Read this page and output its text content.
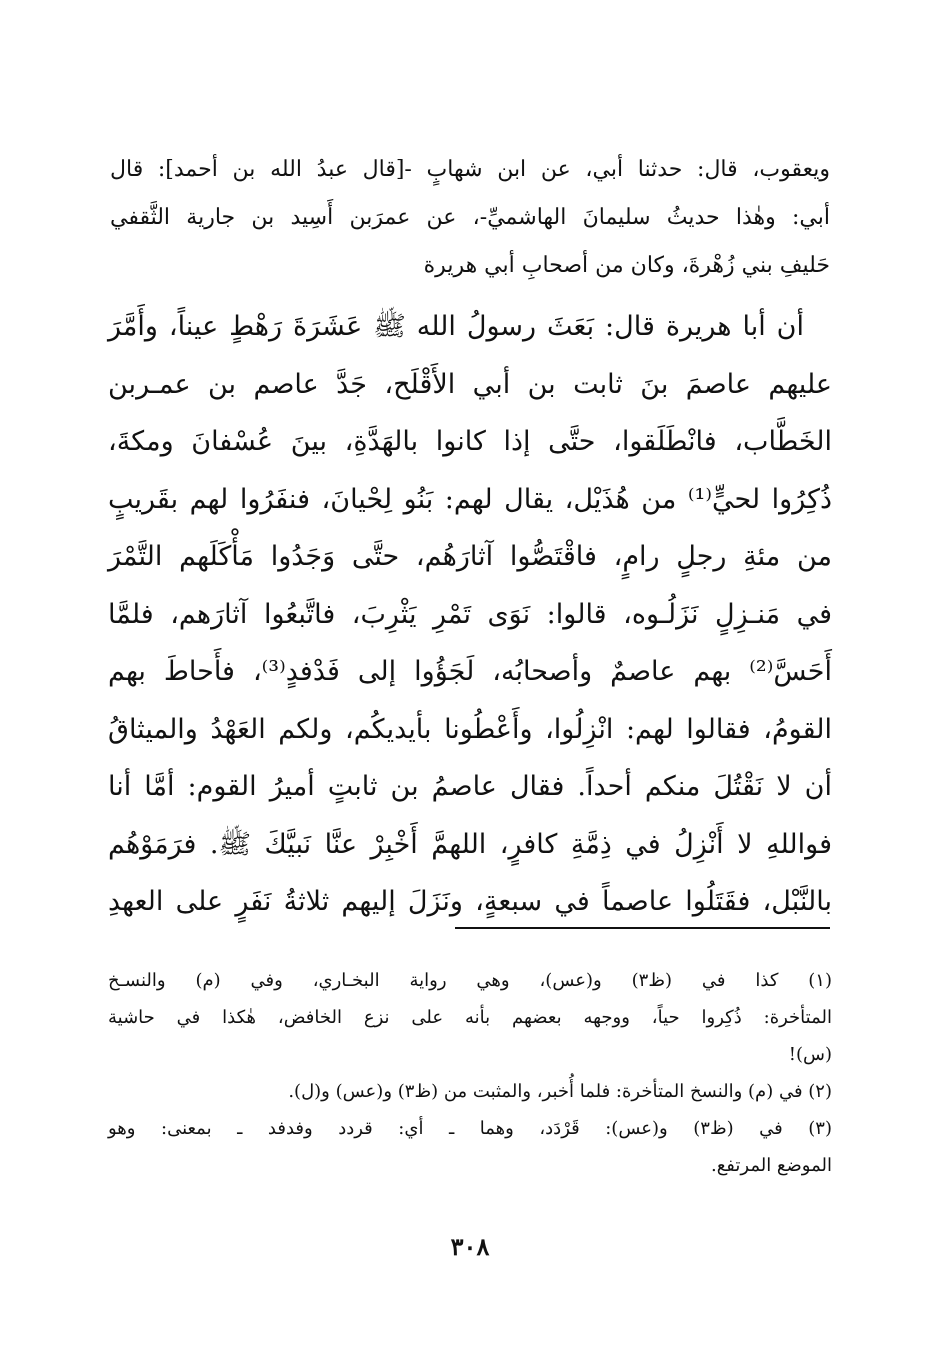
ويعقوب، قال: حدثنا أبي، عن ابن شهابٍ -[قال عبدُ الله بن أحمد]: قال
أبي: وهٰذا حديثُ سليمانَ الهاشميِّ-، عن عمرَبن أَسِيد بن جارية الثَّقفي
حَليفِ بني زُهْرةَ، وكان من أصحابِ أبي هريرة

أن أبا هريرة قال: بَعَثَ رسولُ الله ﷺ عَشَرَةَ رَهْطٍ عيناً، وأَمَّرَ
عليهم عاصمَ بنَ ثابت بن أبي الأَقْلَح، جَدَّ عاصم بن عمـربن
الخَطَّاب، فانْطَلَقوا، حتَّى إذا كانوا بالهَدَّةِ، بينَ عُسْفانَ ومكةَ،
ذُكِرُوا لحيٍّ⁽¹⁾ من هُذَيْل، يقال لهم: بَنُو لِحْيانَ، فنفَرُوا لهم بقَريبٍ
من مئةِ رجلٍ رامٍ، فاقْتَصُّوا آثارَهُم، حتَّى وَجَدُوا مَأْكَلَهم التَّمْرَ
في مَنـزِلٍ نَزَلُـوه، قالوا: نَوَى تَمْرِ يَثْرِبَ، فاتَّبعُوا آثارَهم، فلمَّا
أَحَسَّ⁽²⁾ بهم عاصمٌ وأصحابُه، لَجَؤُوا إلى فَدْفدٍ⁽³⁾، فأَحاطَ بهم
القومُ، فقالوا لهم: انْزِلُوا، وأَعْطُونا بأيديكُم، ولكم العَهْدُ والميثاقُ
أن لا نَقْتُلَ منكم أحداً. فقال عاصمُ بن ثابتٍ أميرُ القوم: أمَّا أنا
فواللهِ لا أَنْزِلُ في ذِمَّةِ كافرٍ، اللهمَّ أَخْبِرْ عنَّا نَبيَّكَ ﷺ. فرَمَوْهُم
بالنَّبْل، فقَتَلُوا عاصماً في سبعةٍ، ونَزَلَ إليهم ثلاثةُ نَفَرٍ على العهدِ

(١) كذا في (ظ٣) و(عس)، وهي رواية البخـاري، وفي (م) والنسـخ
المتأخرة: ذُكِروا حياً، ووجهه بعضهم بأنه على نزع الخافض، هٰكذا في حاشية
(س)!
(٢) في (م) والنسخ المتأخرة: فلما أُخبر، والمثبت من (ظ٣) و(عس) و(ل).
(٣) في (ظ٣) و(عس): قَرْدَد، وهما ـ أي: قردد وفدفد ـ بمعنى: وهو
الموضع المرتفع.
٣٠٨
